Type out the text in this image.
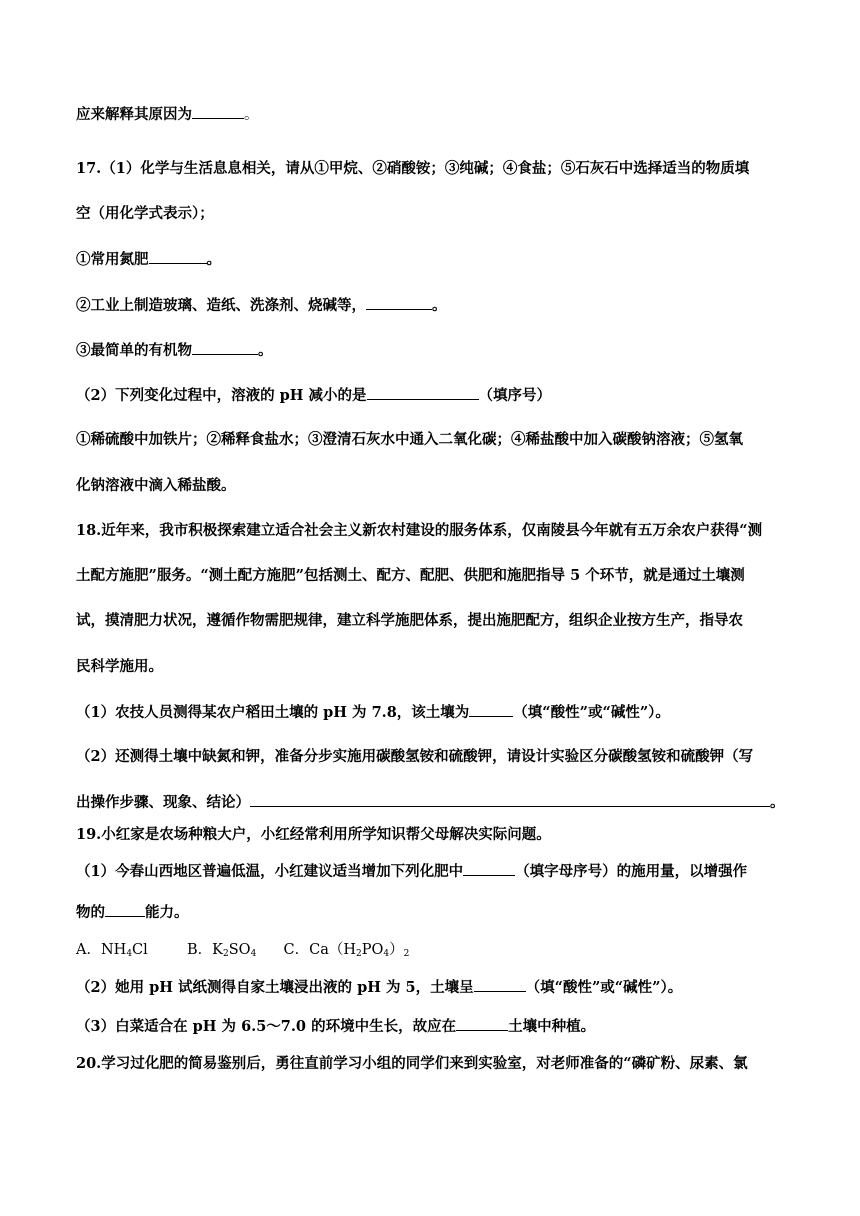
应来解释其原因为	。
17.（1）化学与生活息息相关，请从①甲烷、②硝酸铵；③纯碱；④食盐；⑤石灰石中选择适当的物质填
空（用化学式表示）；
①常用氮肥	。
②工业上制造玻璃、造纸、洗涤剂、烧碱等，	。
③最简单的有机物	。
（2）下列变化过程中，溶液的 pH 减小的是	（填序号）
①稀硫酸中加铁片；②稀释食盐水；③澄清石灰水中通入二氧化碳；④稀盐酸中加入碳酸钠溶液；⑤氢氧
化钠溶液中滴入稀盐酸。
18.近年来，我市积极探索建立适合社会主义新农村建设的服务体系，仅南陵县今年就有五万余农户获得“测
土配方施肥”服务。“测土配方施肥”包括测土、配方、配肥、供肥和施肥指导 5 个环节，就是通过土壤测
试，摸清肥力状况，遵循作物需肥规律，建立科学施肥体系，提出施肥配方，组织企业按方生产，指导农
民科学施用。
（1）农技人员测得某农户稻田土壤的 pH 为 7.8，该土壤为	（填“酸性”或“碱性”）。
（2）还测得土壤中缺氮和钾，准备分步实施用碳酸氢铵和硫酸钾，请设计实验区分碳酸氢铵和硫酸钾（写
出操作步骤、现象、结论）	。
19.小红家是农场种粮大户，小红经常利用所学知识帮父母解决实际问题。
（1）今春山西地区普遍低温，小红建议适当增加下列化肥中	（填字母序号）的施用量，以增强作
物的	能力。
A．$NH_4Cl$	B．$K_2SO_4$ C．$Ca(H_2PO_4)_2$
（2）她用 pH 试纸测得自家土壤浸出液的 pH 为 5，土壤呈	（填“酸性”或“碱性”）。
（3）白菜适合在 pH 为 6.5～7.0 的环境中生长，故应在	土壤中种植。
20.学习过化肥的简易鉴别后，勇往直前学习小组的同学们来到实验室，对老师准备的“磷矿粉、尿素、氯
